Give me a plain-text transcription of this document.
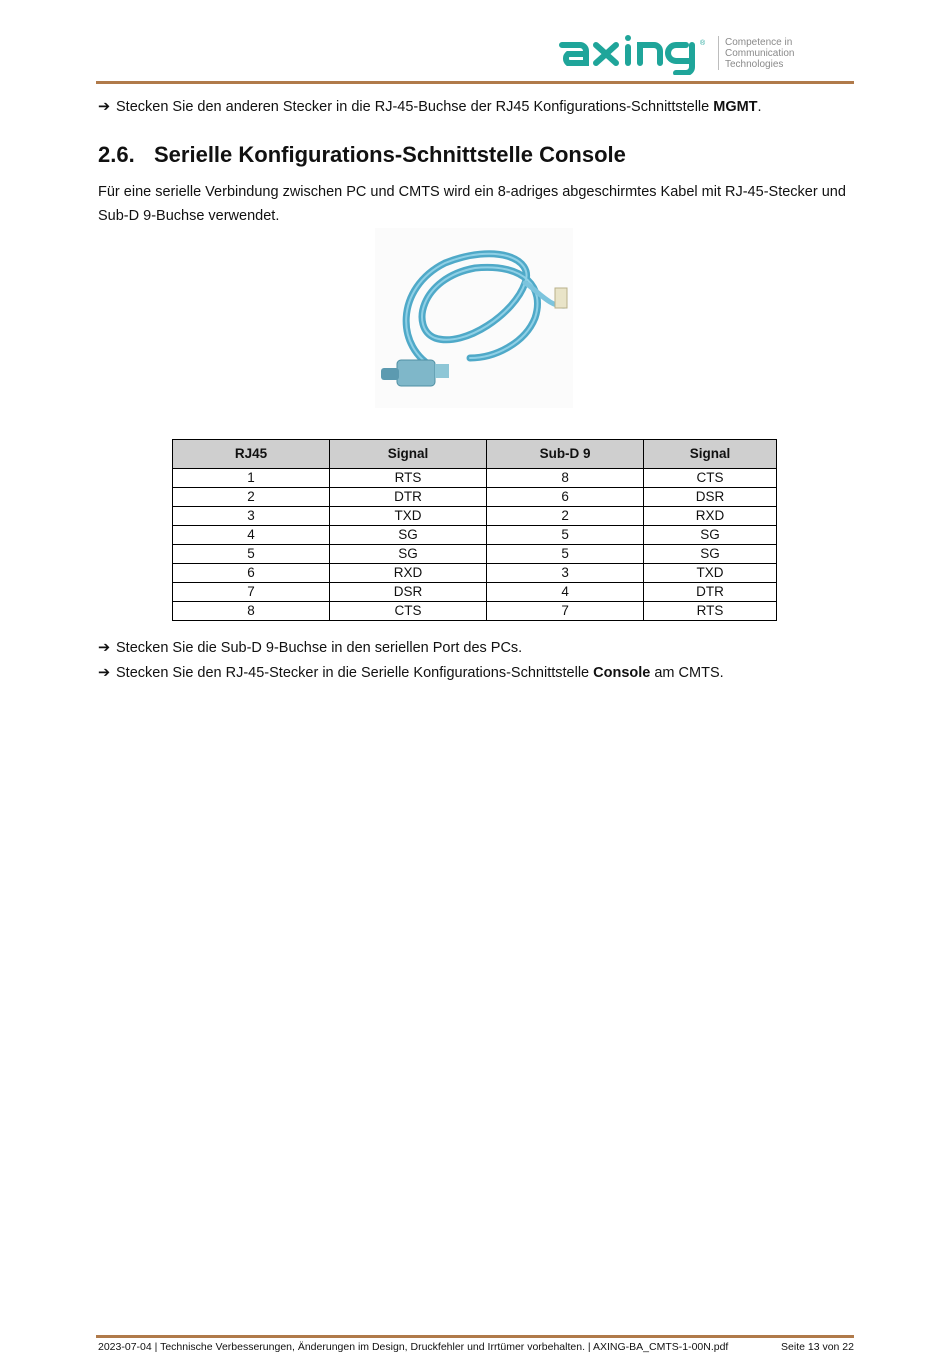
® Competence in
Communication
Technologies
➔ Stecken Sie den anderen Stecker in die RJ-45-Buchse der RJ45 Konfigurations-Schnittstelle MGMT.
2.6. Serielle Konfigurations-Schnittstelle Console
Für eine serielle Verbindung zwischen PC und CMTS wird ein 8-adriges abgeschirmtes Kabel mit RJ-45-Stecker und Sub-D 9-Buchse verwendet.
RJ45	Signal	Sub-D 9	Signal
1	RTS	8	CTS
2	DTR	6	DSR
3	TXD	2	RXD
4	SG	5	SG
5	SG	5	SG
6	RXD	3	TXD
7	DSR	4	DTR
8	CTS	7	RTS
➔ Stecken Sie die Sub-D 9-Buchse in den seriellen Port des PCs.
➔ Stecken Sie den RJ-45-Stecker in die Serielle Konfigurations-Schnittstelle Console am CMTS.
2023-07-04 | Technische Verbesserungen, Änderungen im Design, Druckfehler und Irrtümer vorbehalten. | AXING-BA_CMTS-1-00N.pdf	Seite 13 von 22
